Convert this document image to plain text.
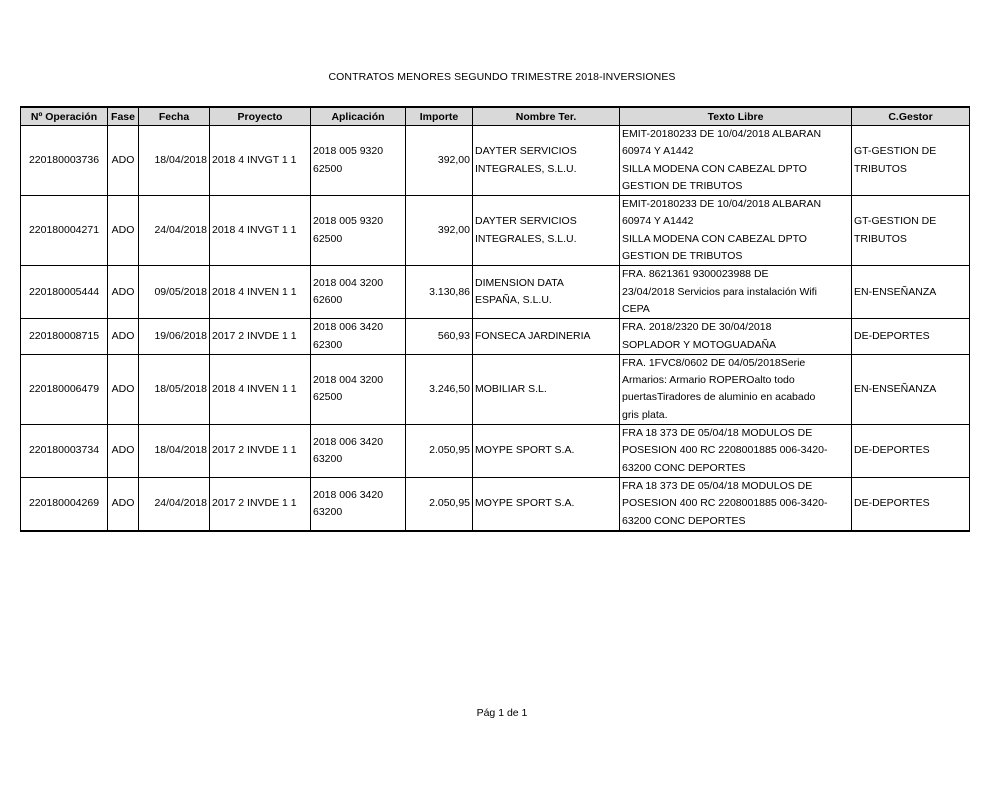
CONTRATOS MENORES SEGUNDO TRIMESTRE 2018-INVERSIONES
Nº Operación	Fase	Fecha	Proyecto	Aplicación	Importe	Nombre Ter.	Texto Libre	C.Gestor
220180003736	ADO	18/04/2018	2018 4 INVGT 1 1	2018 005 9320
62500	392,00	DAYTER SERVICIOS
INTEGRALES, S.L.U.	EMIT-20180233 DE 10/04/2018 ALBARAN
60974 Y A1442
SILLA MODENA CON CABEZAL DPTO
GESTION DE TRIBUTOS	GT-GESTION DE
TRIBUTOS

220180004271	ADO	24/04/2018	2018 4 INVGT 1 1	2018 005 9320
62500	392,00	DAYTER SERVICIOS
INTEGRALES, S.L.U.	EMIT-20180233 DE 10/04/2018 ALBARAN
60974 Y A1442
SILLA MODENA CON CABEZAL DPTO
GESTION DE TRIBUTOS	GT-GESTION DE
TRIBUTOS

220180005444	ADO	09/05/2018	2018 4 INVEN 1 1	2018 004 3200
62600	3.130,86	DIMENSION DATA
ESPAÑA, S.L.U.	FRA. 8621361 9300023988 DE
23/04/2018 Servicios para instalación Wifi
CEPA	EN-ENSEÑANZA

220180008715	ADO	19/06/2018	2017 2 INVDE 1 1	2018 006 3420
62300	560,93	FONSECA JARDINERIA	FRA. 2018/2320 DE 30/04/2018
SOPLADOR Y MOTOGUADAÑA	DE-DEPORTES

220180006479	ADO	18/05/2018	2018 4 INVEN 1 1	2018 004 3200
62500	3.246,50	MOBILIAR S.L.	FRA. 1FVC8/0602 DE 04/05/2018Serie
Armarios: Armario ROPEROalto todo
puertasTiradores de aluminio en acabado
gris plata.	EN-ENSEÑANZA

220180003734	ADO	18/04/2018	2017 2 INVDE 1 1	2018 006 3420
63200	2.050,95	MOYPE SPORT S.A.	FRA 18 373 DE 05/04/18 MODULOS DE
POSESION 400 RC 2208001885 006-3420-
63200 CONC DEPORTES	DE-DEPORTES

220180004269	ADO	24/04/2018	2017 2 INVDE 1 1	2018 006 3420
63200	2.050,95	MOYPE SPORT S.A.	FRA 18 373 DE 05/04/18 MODULOS DE
POSESION 400 RC 2208001885 006-3420-
63200 CONC DEPORTES	DE-DEPORTES
Pág 1 de 1
